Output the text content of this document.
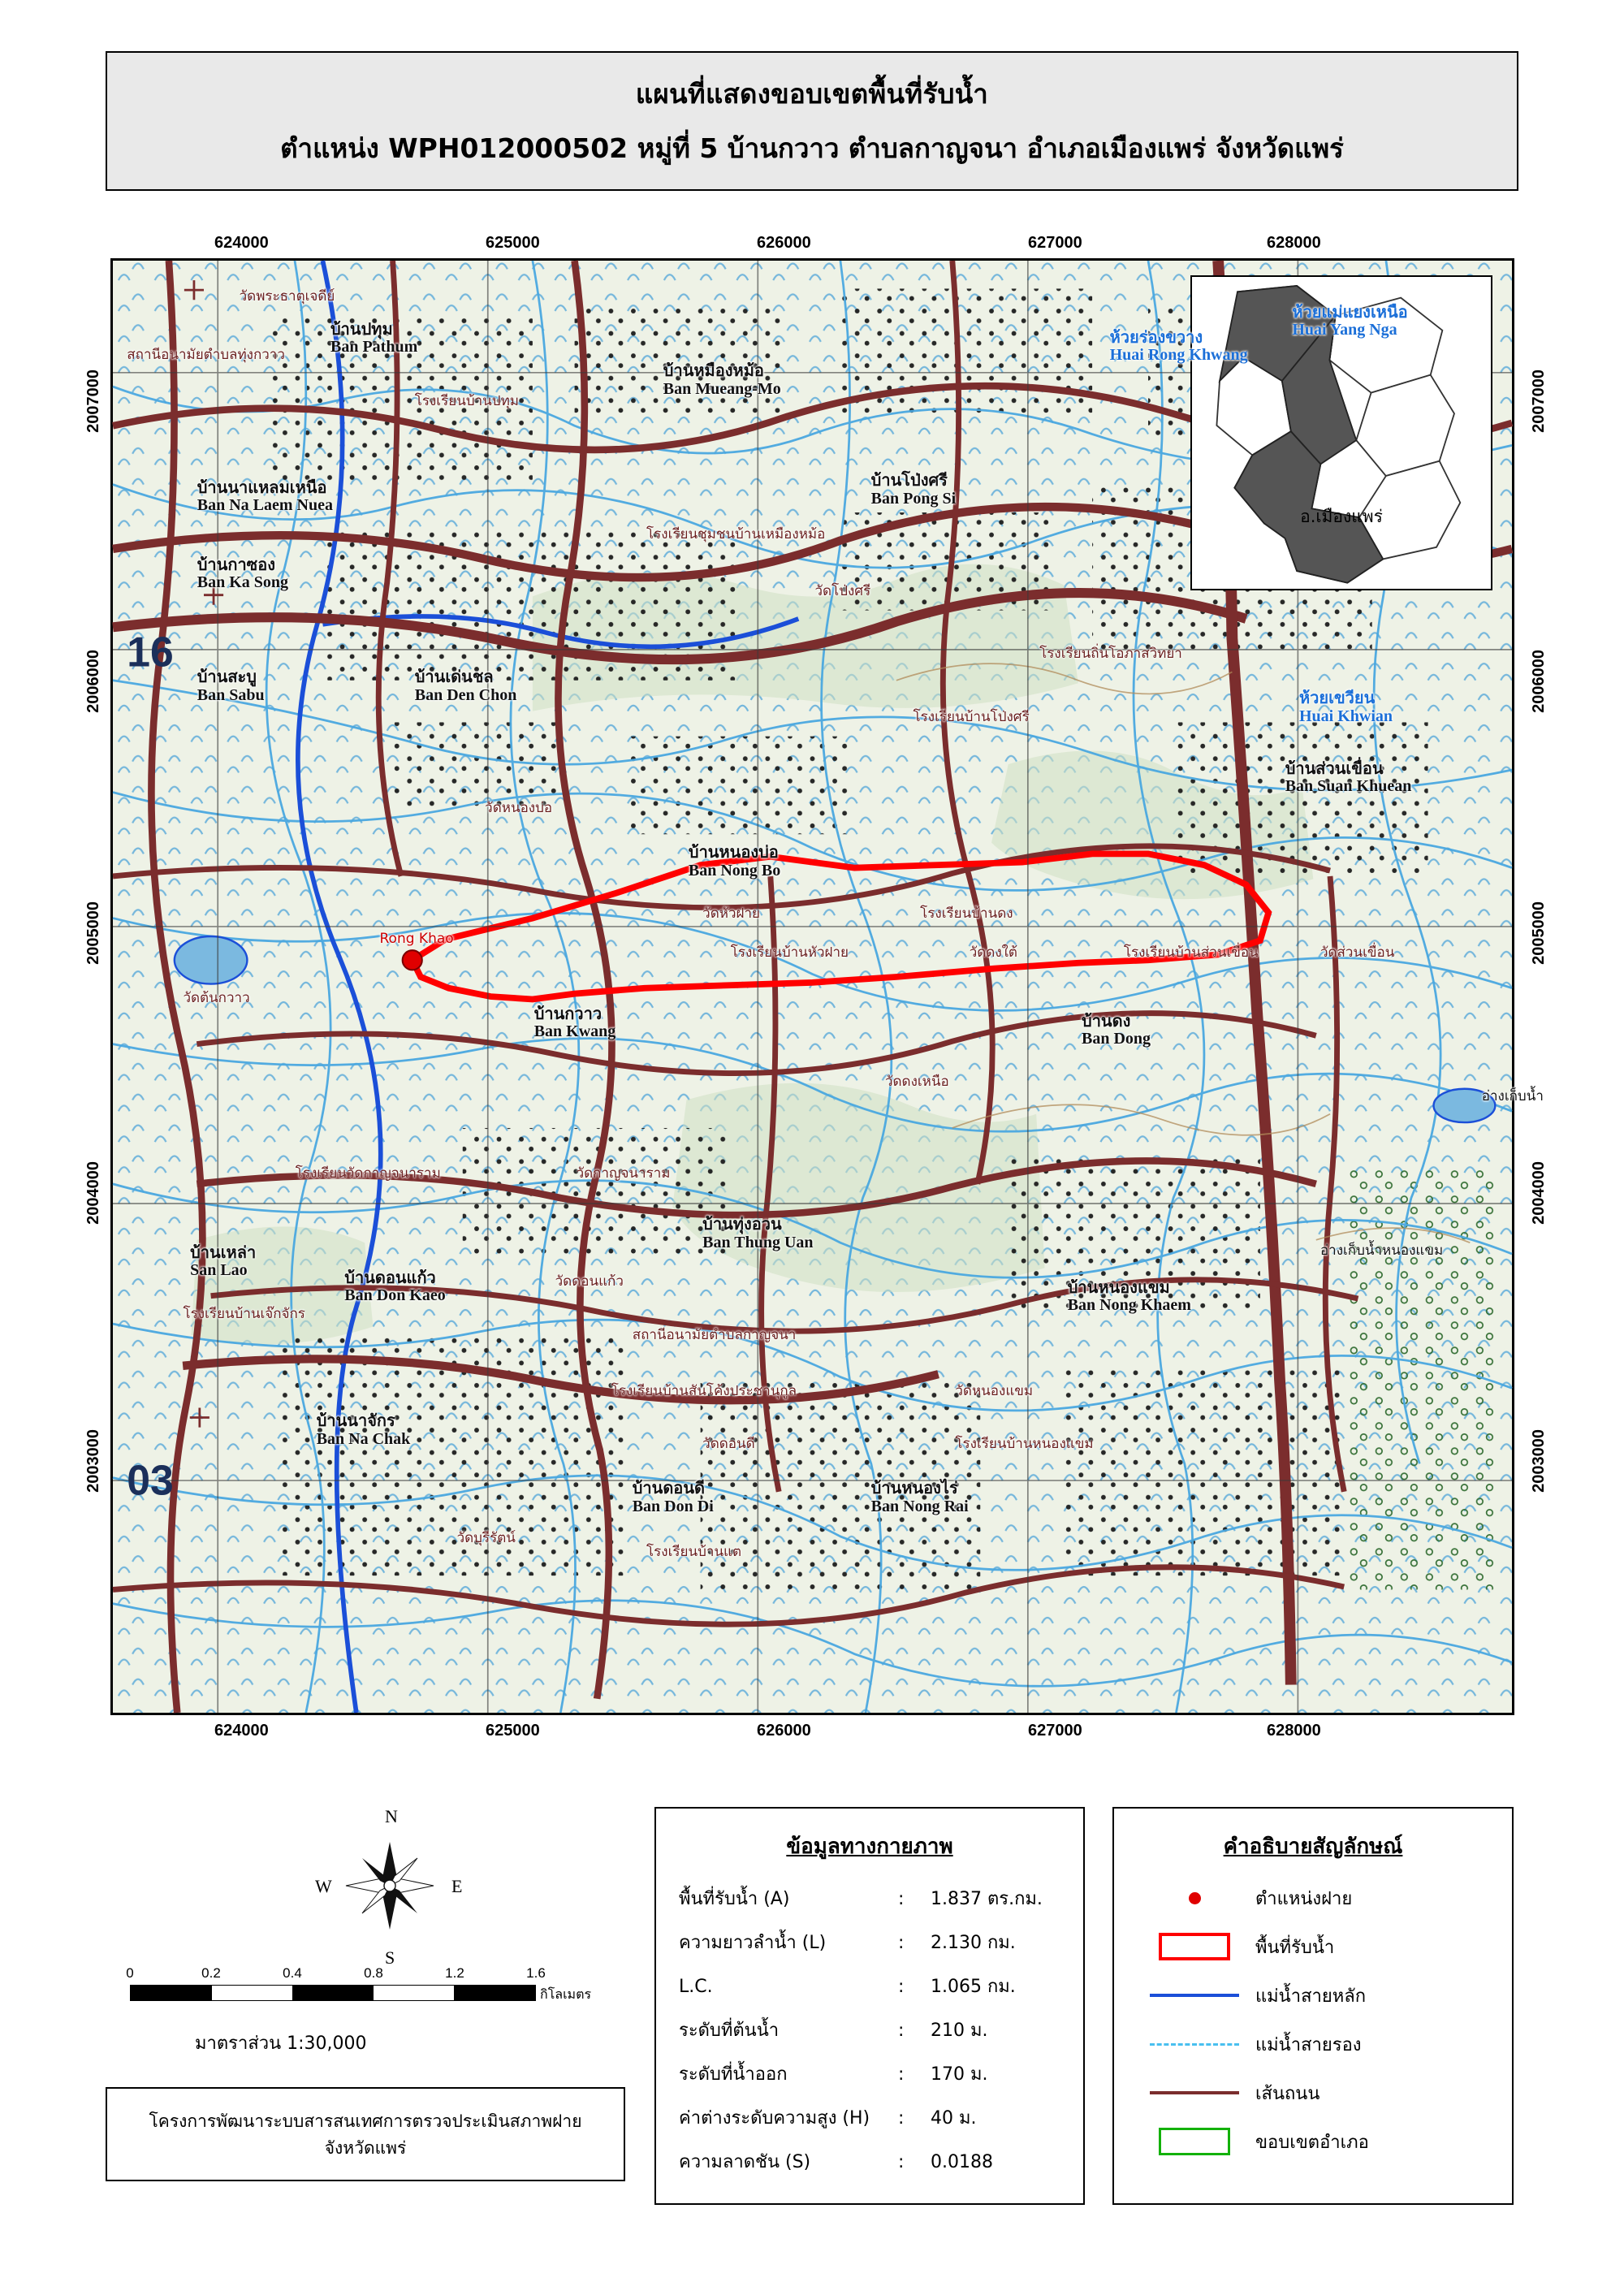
แผนที่แสดงขอบเขตพื้นที่รับน้ำ
ตำแหน่ง WPH012000502 หมู่ที่ 5 บ้านกวาว ตำบลกาญจนา อำเภอเมืองแพร่ จังหวัดแพร่
624000	625000	626000	627000	628000
624000	625000	626000	627000	628000
2007000
2006000
2005000
2004000
2003000
2007000
2006000
2005000
2004000
2003000
16
03
อ.เมืองแพร่
วัดพระธาตุเจดีย์
บ้านปทุม
Ban Pathum
สถานีอนามัยตำบลทุ่งกวาว
บ้านหมืองหม้อ
Ban Mueang-Mo
ห้วยร่องขวาง
Huai Rong Khwang
ห้วยแม่แยงเหนือ
Huai Yang Nga
โรงเรียนบ้านปทุม
บ้านนาแหลมเหนือ
Ban Na Laem Nuea
บ้านโป่งศรี
Ban Pong Si
บ้านกาซอง
Ban Ka Song
โรงเรียนชุมชนบ้านเหมืองหม้อ
วัดโป่งศรี
บ้านเด่นชล
Ban Den Chon
บ้านสะบู
Ban Sabu
โรงเรียนถิ่นโอภาสวิทยา
ห้วยเขวียน
Huai Khwian
โรงเรียนบ้านโป่งศรี
บ้านส่วนเขื่อน
Ban Suan Khuean
วัดหนองบ่อ
บ้านหนองบ่อ
Ban Nong Bo
วัดหัวฝาย	โรงเรียนบ้านดง
โรงเรียนบ้านหัวฝาย	วัดดงใต้	โรงเรียนบ้านส่วนเขื่อน	วัดส่วนเขื่อน
Rong Khao
วัดต้นกวาว
บ้านกวาว
Ban Kwang
บ้านดง
Ban Dong
วัดดงเหนือ
อ่างเก็บน้ำ
โรงเรียนวัดกาญจนาราม	วัดกาญจนาราม
บ้านทุ่งอวน
Ban Thung Uan
บ้านเหล่า
San Lao	บ้านดอนแก้ว
Ban Don Kaeo
วัดดอนแก้ว	บ้านหนองแขม
Ban Nong Khaem
อ่างเก็บน้ำหนองแขม
โรงเรียนบ้านเจ๊กจักร
สถานีอนามัยตำบลกาญจนา
บ้านนาจักร
Ban Na Chak
โรงเรียนบ้านสันโค้งประชานุกูล	วัดหนองแขม
วัดดอนดี	โรงเรียนบ้านหนองแขม
บ้านดอนดี
Ban Don Di
บ้านหนองไร่
Ban Nong Rai
วัดบุรีรัตน์
โรงเรียนบ้านแต
N
S
E
W
0	0.2	0.4	0.8	1.2	1.6
กิโลเมตร
มาตราส่วน 1:30,000
ข้อมูลทางกายภาพ
พื้นที่รับน้ำ (A)	:	1.837 ตร.กม.
ความยาวลำน้ำ (L)	:	2.130 กม.
L.C.	:	1.065 กม.
ระดับที่ต้นน้ำ	:	210 ม.
ระดับที่น้ำออก	:	170 ม.
ค่าต่างระดับความสูง (H)	:	40 ม.
ความลาดชัน (S)	:	0.0188
คำอธิบายสัญลักษณ์
ตำแหน่งฝาย
พื้นที่รับน้ำ
แม่น้ำสายหลัก
แม่น้ำสายรอง
เส้นถนน
ขอบเขตอำเภอ
โครงการพัฒนาระบบสารสนเทศการตรวจประเมินสภาพฝาย
จังหวัดแพร่
